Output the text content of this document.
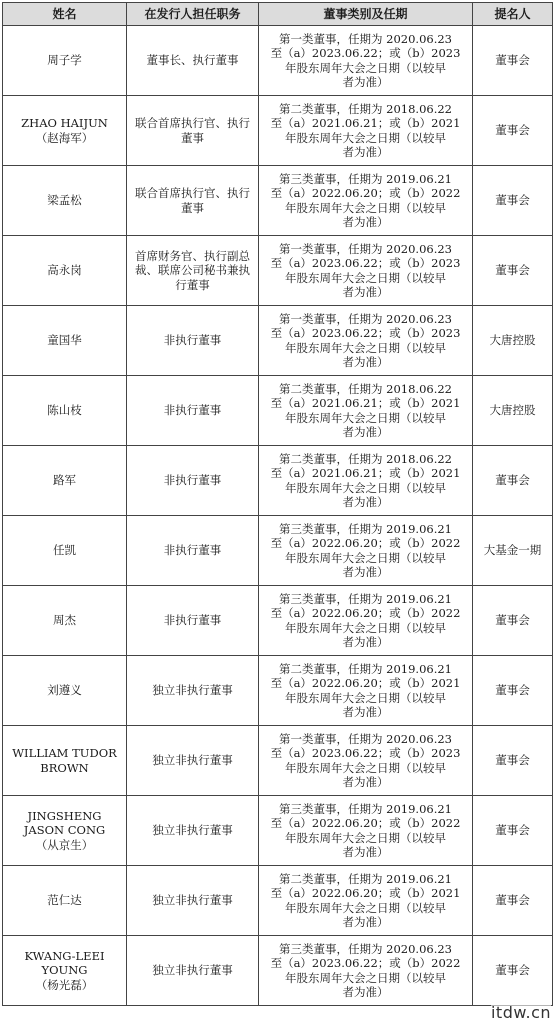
姓名	在发行人担任职务	董事类别及任期	提名人

周子学	董事长、执行董事	第一类董事，任期为 2020.06.23
至（a）2023.06.22；或（b）2023
年股东周年大会之日期（以较早
者为准）	董事会

ZHAO HAIJUN
（赵海军）	联合首席执行官、执行董事	第二类董事，任期为 2018.06.22
至（a）2021.06.21；或（b）2021
年股东周年大会之日期（以较早
者为准）	董事会

梁孟松	联合首席执行官、执行董事	第三类董事，任期为 2019.06.21
至（a）2022.06.20；或（b）2022
年股东周年大会之日期（以较早
者为准）	董事会

高永岗	首席财务官、执行副总裁、联席公司秘书兼执行董事	第一类董事，任期为 2020.06.23
至（a）2023.06.22；或（b）2023
年股东周年大会之日期（以较早
者为准）	董事会

童国华	非执行董事	第一类董事，任期为 2020.06.23
至（a）2023.06.22；或（b）2023
年股东周年大会之日期（以较早
者为准）	大唐控股

陈山枝	非执行董事	第二类董事，任期为 2018.06.22
至（a）2021.06.21；或（b）2021
年股东周年大会之日期（以较早
者为准）	大唐控股

路军	非执行董事	第二类董事，任期为 2018.06.22
至（a）2021.06.21；或（b）2021
年股东周年大会之日期（以较早
者为准）	董事会

任凯	非执行董事	第三类董事，任期为 2019.06.21
至（a）2022.06.20；或（b）2022
年股东周年大会之日期（以较早
者为准）	大基金一期

周杰	非执行董事	第三类董事，任期为 2019.06.21
至（a）2022.06.20；或（b）2022
年股东周年大会之日期（以较早
者为准）	董事会

刘遵义	独立非执行董事	第二类董事，任期为 2019.06.21
至（a）2022.06.20；或（b）2021
年股东周年大会之日期（以较早
者为准）	董事会

WILLIAM TUDOR
BROWN	独立非执行董事	第一类董事，任期为 2020.06.23
至（a）2023.06.22；或（b）2023
年股东周年大会之日期（以较早
者为准）	董事会

JINGSHENG
JASON CONG
（从京生）	独立非执行董事	第三类董事，任期为 2019.06.21
至（a）2022.06.20；或（b）2022
年股东周年大会之日期（以较早
者为准）	董事会

范仁达	独立非执行董事	第二类董事，任期为 2019.06.21
至（a）2022.06.20；或（b）2021
年股东周年大会之日期（以较早
者为准）	董事会

KWANG-LEEI
YOUNG
（杨光磊）	独立非执行董事	第三类董事，任期为 2020.06.23
至（a）2023.06.22；或（b）2022
年股东周年大会之日期（以较早
者为准）	董事会
itdw.cn
